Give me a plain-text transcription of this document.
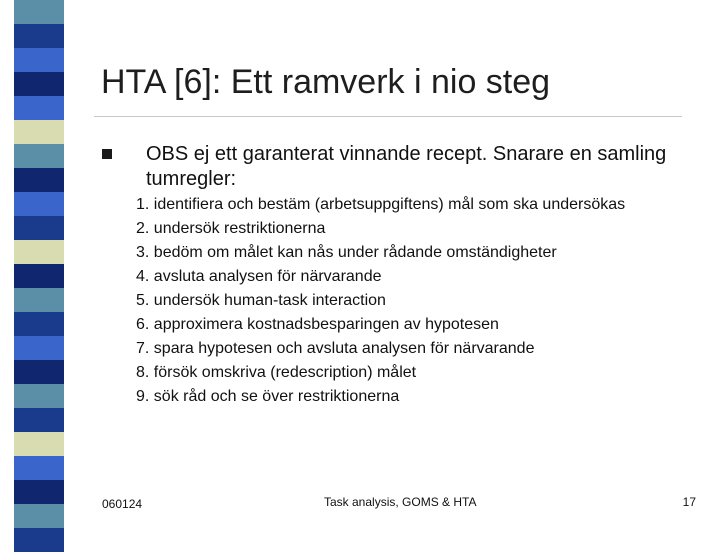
HTA [6]: Ett ramverk i nio steg

OBS ej ett garanterat vinnande recept. Snarare en samling tumregler:

1. identifiera och bestäm (arbetsuppgiftens) mål som ska undersökas
2. undersök restriktionerna
3. bedöm om målet kan nås under rådande omständigheter
4. avsluta analysen för närvarande
5. undersök human-task interaction
6. approximera kostnadsbesparingen av hypotesen
7. spara hypotesen och avsluta analysen för närvarande
8. försök omskriva (redescription) målet
9. sök råd och se över restriktionerna
060124	Task analysis, GOMS & HTA	17
